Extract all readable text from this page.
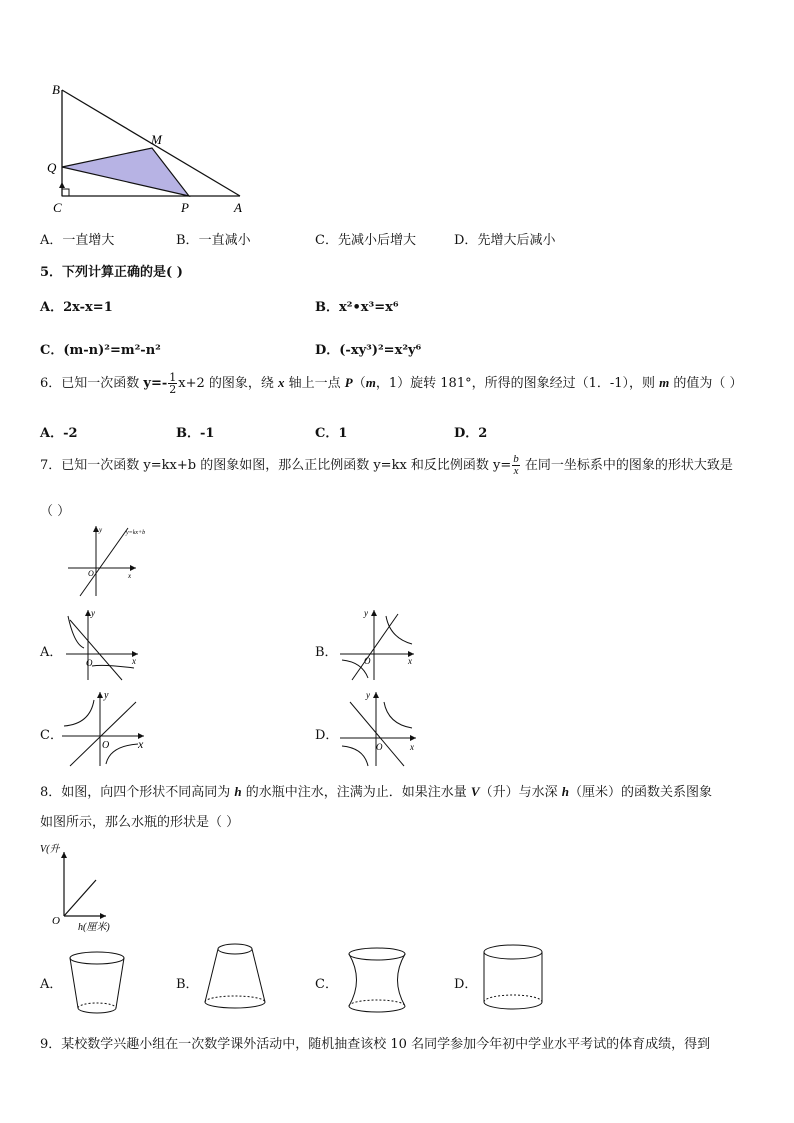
B
M
Q
C	P	A
A．一直增大	B．一直减小	C．先减小后增大	D．先增大后减小
5．下列计算正确的是( )
A．2x-x=1	B．x²•x³=x⁶
C．(m-n)²=m²-n²	D．(-xy³)²=x²y⁶
6．已知一次函数 $y=- \frac{1}{2} x+2$ 的图象，绕 x 轴上一点 P（m，1）旋转 181°，所得的图象经过（1．-1），则 m 的值为（ ）
A．-2	B．-1	C．1	D．2
7．已知一次函数 y=kx+b 的图象如图，那么正比例函数 y=kx 和反比例函数 $y= \frac{b}{x}$ 在同一坐标系中的图象的形状大致是
（ ）
y
x
O
y=kx+b
A．
y
x
O
B．
y
x
O
C．
y
x
O
D．
y
x
O
8．如图，向四个形状不同高同为 h 的水瓶中注水，注满为止．如果注水量 V（升）与水深 h（厘米）的函数关系图象
如图所示，那么水瓶的形状是（ ）
V(升
O
h(厘米)
A．	B．	C．	D．
9．某校数学兴趣小组在一次数学课外活动中，随机抽查该校 10 名同学参加今年初中学业水平考试的体育成绩，得到
